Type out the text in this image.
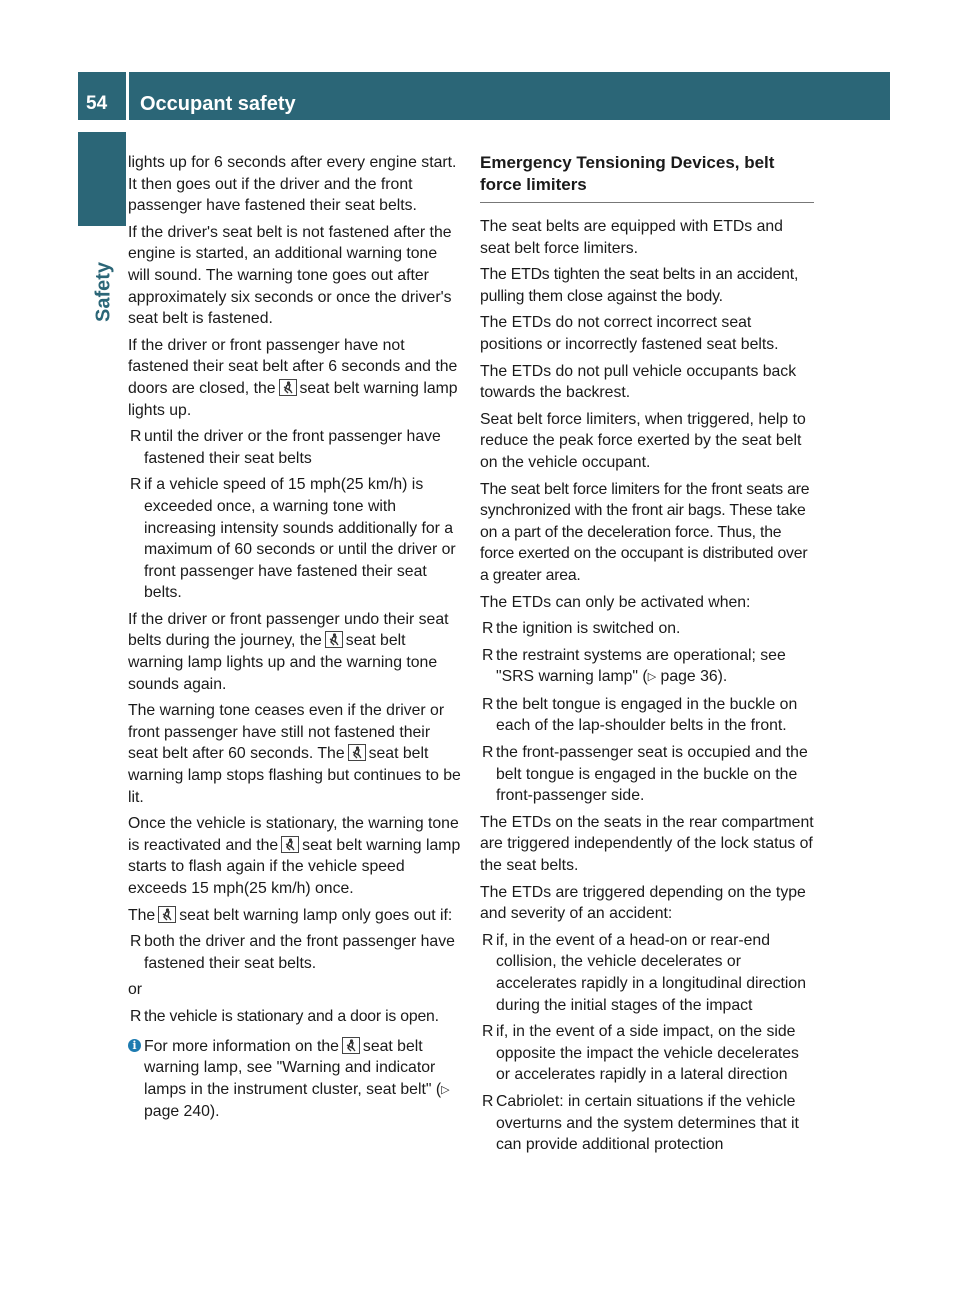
54	Occupant safety
Safety

lights up for 6 seconds after every engine start. It then goes out if the driver and the front passenger have fastened their seat belts.

If the driver's seat belt is not fastened after the engine is started, an additional warning tone will sound. The warning tone goes out after approximately six seconds or once the driver's seat belt is fastened.

If the driver or front passenger have not fastened their seat belt after 6 seconds and the doors are closed, the seat belt warning lamp lights up.

R until the driver or the front passenger have fastened their seat belts
R if a vehicle speed of 15 mph(25 km/h) is exceeded once, a warning tone with increasing intensity sounds additionally for a maximum of 60 seconds or until the driver or front passenger have fastened their seat belts.

If the driver or front passenger undo their seat belts during the journey, the seat belt warning lamp lights up and the warning tone sounds again.

The warning tone ceases even if the driver or front passenger have still not fastened their seat belt after 60 seconds. The seat belt warning lamp stops flashing but continues to be lit.

Once the vehicle is stationary, the warning tone is reactivated and the seat belt warning lamp starts to flash again if the vehicle speed exceeds 15 mph(25 km/h) once.

The seat belt warning lamp only goes out if:

R both the driver and the front passenger have fastened their seat belts.

or

R the vehicle is stationary and a door is open.
i For more information on the seat belt warning lamp, see "Warning and indicator lamps in the instrument cluster, seat belt" (▷ page 240).
Emergency Tensioning Devices, belt force limiters

The seat belts are equipped with ETDs and seat belt force limiters.

The ETDs tighten the seat belts in an accident, pulling them close against the body.

The ETDs do not correct incorrect seat positions or incorrectly fastened seat belts.

The ETDs do not pull vehicle occupants back towards the backrest.

Seat belt force limiters, when triggered, help to reduce the peak force exerted by the seat belt on the vehicle occupant.

The seat belt force limiters for the front seats are synchronized with the front air bags. These take on a part of the deceleration force. Thus, the force exerted on the occupant is distributed over a greater area.

The ETDs can only be activated when:

R the ignition is switched on.
R the restraint systems are operational; see "SRS warning lamp" (▷ page 36).
R the belt tongue is engaged in the buckle on each of the lap-shoulder belts in the front.
R the front-passenger seat is occupied and the belt tongue is engaged in the buckle on the front-passenger side.

The ETDs on the seats in the rear compartment are triggered independently of the lock status of the seat belts.

The ETDs are triggered depending on the type and severity of an accident:

R if, in the event of a head-on or rear-end collision, the vehicle decelerates or accelerates rapidly in a longitudinal direction during the initial stages of the impact
R if, in the event of a side impact, on the side opposite the impact the vehicle decelerates or accelerates rapidly in a lateral direction
R Cabriolet: in certain situations if the vehicle overturns and the system determines that it can provide additional protection
